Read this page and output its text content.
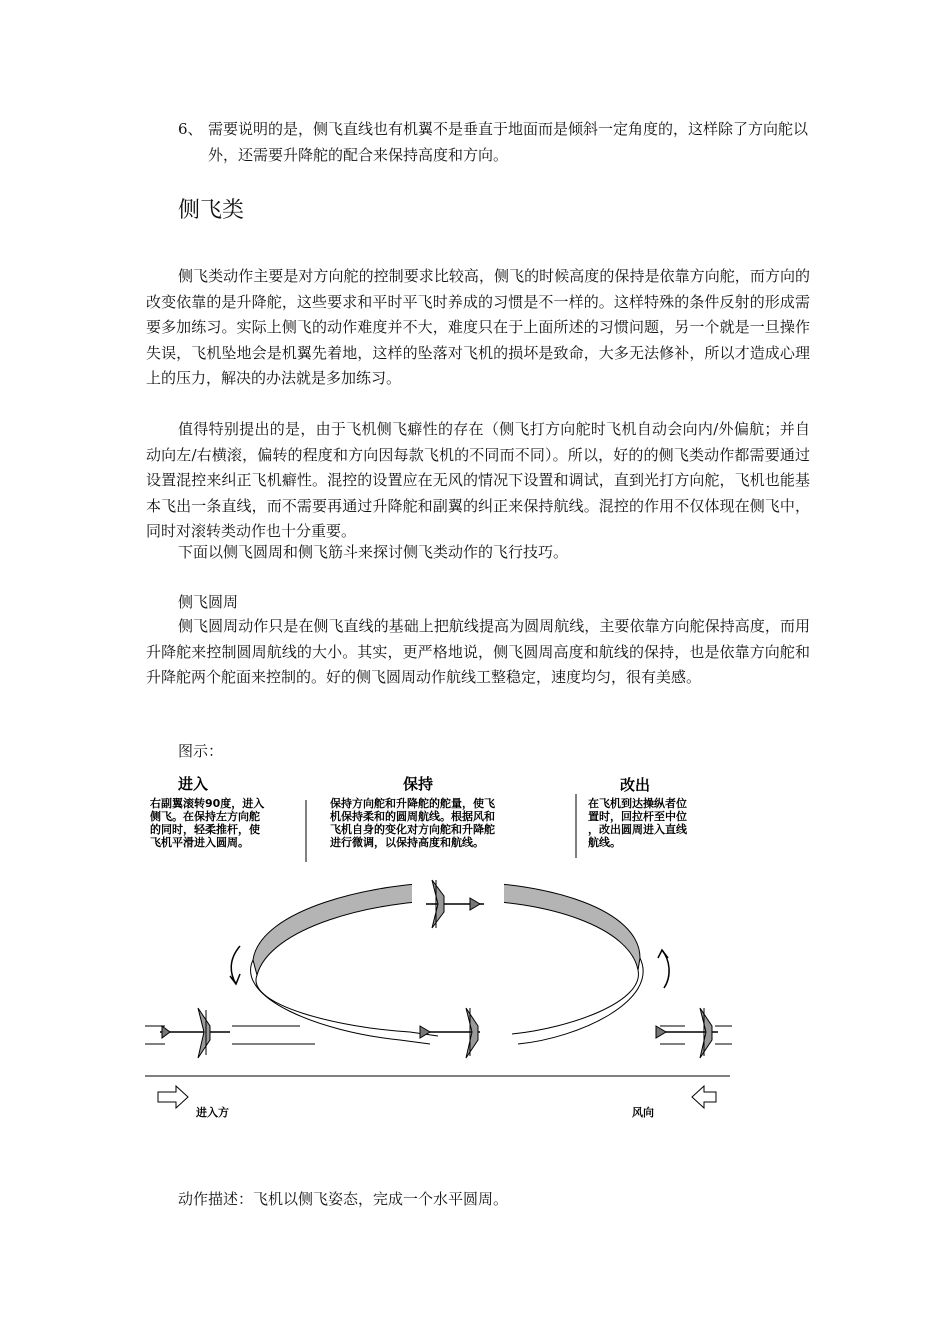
6、 需要说明的是，侧飞直线也有机翼不是垂直于地面而是倾斜一定角度的，这样除了方向舵以外，还需要升降舵的配合来保持高度和方向。
侧飞类

侧飞类动作主要是对方向舵的控制要求比较高，侧飞的时候高度的保持是依靠方向舵，而方向的改变依靠的是升降舵，这些要求和平时平飞时养成的习惯是不一样的。这样特殊的条件反射的形成需要多加练习。实际上侧飞的动作难度并不大，难度只在于上面所述的习惯问题，另一个就是一旦操作失误，飞机坠地会是机翼先着地，这样的坠落对飞机的损坏是致命，大多无法修补，所以才造成心理上的压力，解决的办法就是多加练习。

值得特别提出的是，由于飞机侧飞癖性的存在（侧飞打方向舵时飞机自动会向内/外偏航；并自动向左/右横滚，偏转的程度和方向因每款飞机的不同而不同）。所以，好的的侧飞类动作都需要通过设置混控来纠正飞机癖性。混控的设置应在无风的情况下设置和调试，直到光打方向舵，飞机也能基本飞出一条直线，而不需要再通过升降舵和副翼的纠正来保持航线。混控的作用不仅体现在侧飞中，同时对滚转类动作也十分重要。

下面以侧飞圆周和侧飞筋斗来探讨侧飞类动作的飞行技巧。
侧飞圆周

侧飞圆周动作只是在侧飞直线的基础上把航线提高为圆周航线，主要依靠方向舵保持高度，而用升降舵来控制圆周航线的大小。其实，更严格地说，侧飞圆周高度和航线的保持，也是依靠方向舵和升降舵两个舵面来控制的。好的侧飞圆周动作航线工整稳定，速度均匀，很有美感。

图示：
进入	保持	改出
右副翼滚转90度，进入
侧飞。在保持左方向舵
的同时，轻柔推杆，使
飞机平滑进入圆周。
保持方向舵和升降舵的舵量，使飞
机保持柔和的圆周航线。根据风和
飞机自身的变化对方向舵和升降舵
进行微调，以保持高度和航线。
在飞机到达操纵者位
置时，回拉杆至中位
，改出圆周进入直线
航线。
进入方	风向
动作描述：飞机以侧飞姿态，完成一个水平圆周。
